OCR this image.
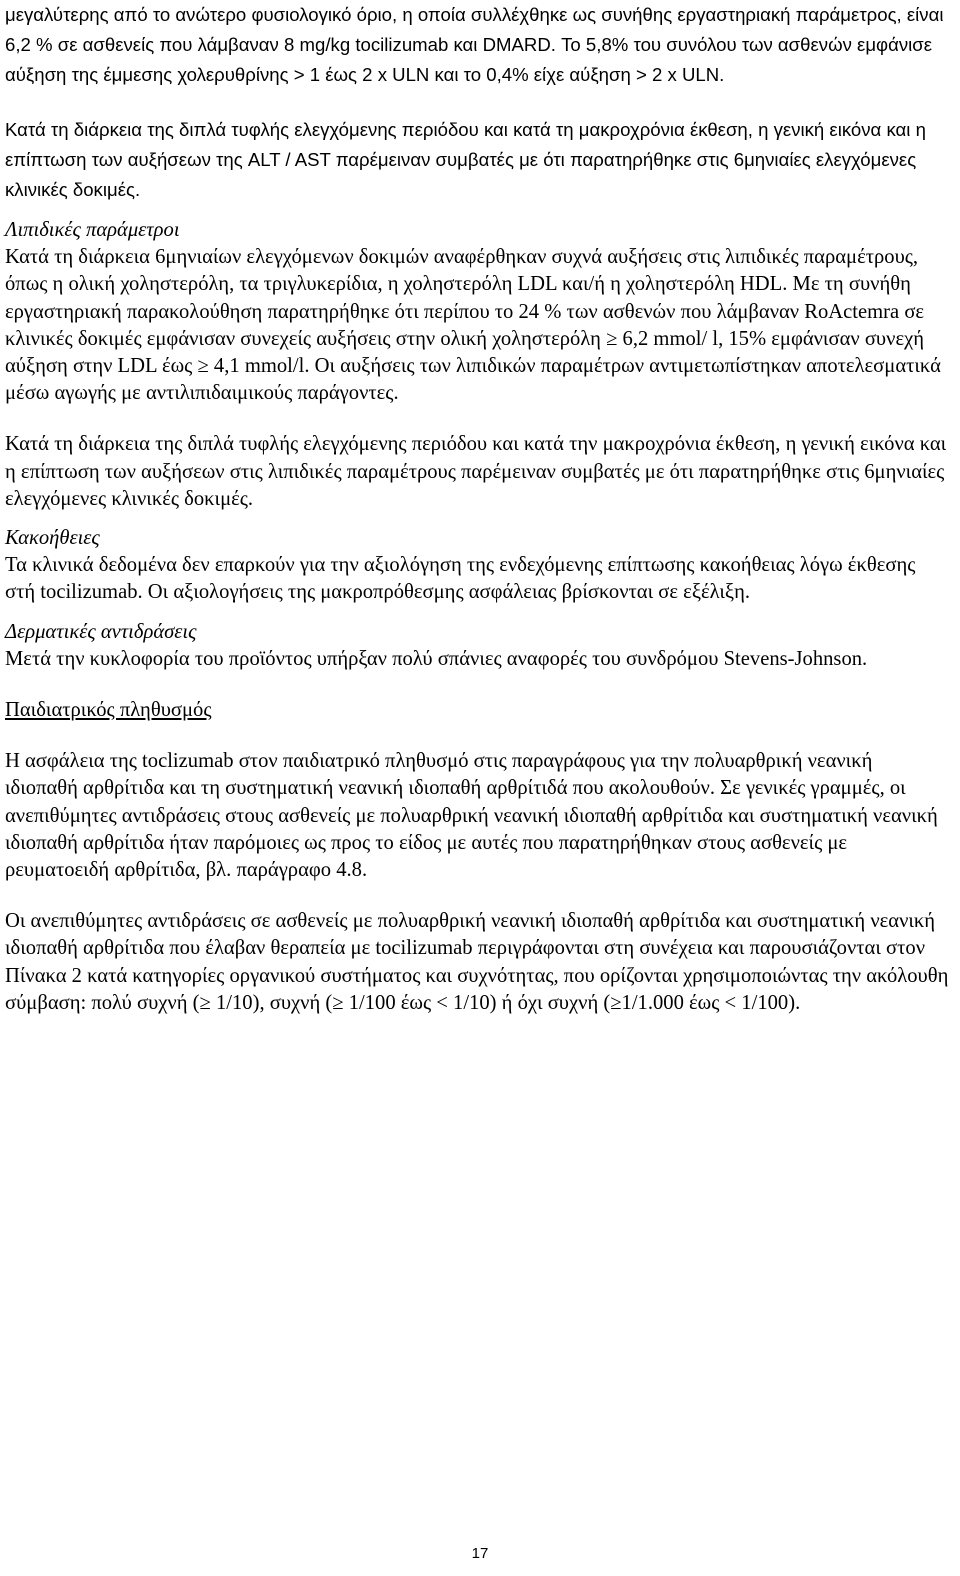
μεγαλύτερης από το ανώτερο φυσιολογικό όριο, η οποία συλλέχθηκε ως συνήθης εργαστηριακή παράμετρος, είναι 6,2 % σε ασθενείς που λάμβαναν 8 mg/kg tocilizumab και DMARD. Το 5,8% του συνόλου των ασθενών εμφάνισε αύξηση της έμμεσης χολερυθρίνης > 1 έως 2 x ULN και το 0,4% είχε αύξηση > 2 x ULN.

Κατά τη διάρκεια της διπλά τυφλής ελεγχόμενης περιόδου και κατά τη μακροχρόνια έκθεση, η γενική εικόνα και η επίπτωση των αυξήσεων της ALT / AST παρέμειναν συμβατές με ότι παρατηρήθηκε στις 6μηνιαίες ελεγχόμενες κλινικές δοκιμές.

Λιπιδικές παράμετροι

Κατά τη διάρκεια 6μηνιαίων ελεγχόμενων δοκιμών αναφέρθηκαν συχνά αυξήσεις στις λιπιδικές παραμέτρους, όπως η ολική χοληστερόλη, τα τριγλυκερίδια, η χοληστερόλη LDL και/ή η χοληστερόλη HDL. Με τη συνήθη εργαστηριακή παρακολούθηση παρατηρήθηκε ότι περίπου το 24 % των ασθενών που λάμβαναν RoActemra σε κλινικές δοκιμές εμφάνισαν συνεχείς αυξήσεις στην ολική χοληστερόλη ≥ 6,2 mmol/ l, 15% εμφάνισαν συνεχή αύξηση στην LDL έως ≥ 4,1 mmol/l. Οι αυξήσεις των λιπιδικών παραμέτρων αντιμετωπίστηκαν αποτελεσματικά μέσω αγωγής με αντιλιπιδαιμικούς παράγοντες.

Κατά τη διάρκεια της διπλά τυφλής ελεγχόμενης περιόδου και κατά την μακροχρόνια έκθεση, η γενική εικόνα και η επίπτωση των αυξήσεων στις λιπιδικές παραμέτρους παρέμειναν συμβατές με ότι παρατηρήθηκε στις 6μηνιαίες ελεγχόμενες κλινικές δοκιμές.

Κακοήθειες

Τα κλινικά δεδομένα δεν επαρκούν για την αξιολόγηση της ενδεχόμενης επίπτωσης κακοήθειας λόγω έκθεσης στή tocilizumab. Οι αξιολογήσεις της μακροπρόθεσμης ασφάλειας βρίσκονται σε εξέλιξη.

Δερματικές αντιδράσεις

Μετά την κυκλοφορία του προϊόντος υπήρξαν πολύ σπάνιες αναφορές του συνδρόμου Stevens-Johnson.

Παιδιατρικός πληθυσμός

Η ασφάλεια της toclizumab στον παιδιατρικό πληθυσμό στις παραγράφους για την πολυαρθρική νεανική ιδιοπαθή αρθρίτιδα και τη συστηματική νεανική ιδιοπαθή αρθρίτιδά που ακολουθούν. Σε γενικές γραμμές, οι ανεπιθύμητες αντιδράσεις στους ασθενείς με πολυαρθρική νεανική ιδιοπαθή αρθρίτιδα και συστηματική νεανική ιδιοπαθή αρθρίτιδα ήταν παρόμοιες ως προς το είδος με αυτές που παρατηρήθηκαν στους ασθενείς με ρευματοειδή αρθρίτιδα, βλ. παράγραφο 4.8.

Οι ανεπιθύμητες αντιδράσεις σε ασθενείς με πολυαρθρική νεανική ιδιοπαθή αρθρίτιδα και συστηματική νεανική ιδιοπαθή αρθρίτιδα που έλαβαν θεραπεία με tocilizumab περιγράφονται στη συνέχεια και παρουσιάζονται στον Πίνακα 2 κατά κατηγορίες οργανικού συστήματος και συχνότητας, που ορίζονται χρησιμοποιώντας την ακόλουθη σύμβαση: πολύ συχνή (≥ 1/10), συχνή (≥ 1/100 έως < 1/10) ή όχι συχνή (≥1/1.000 έως < 1/100).

17
